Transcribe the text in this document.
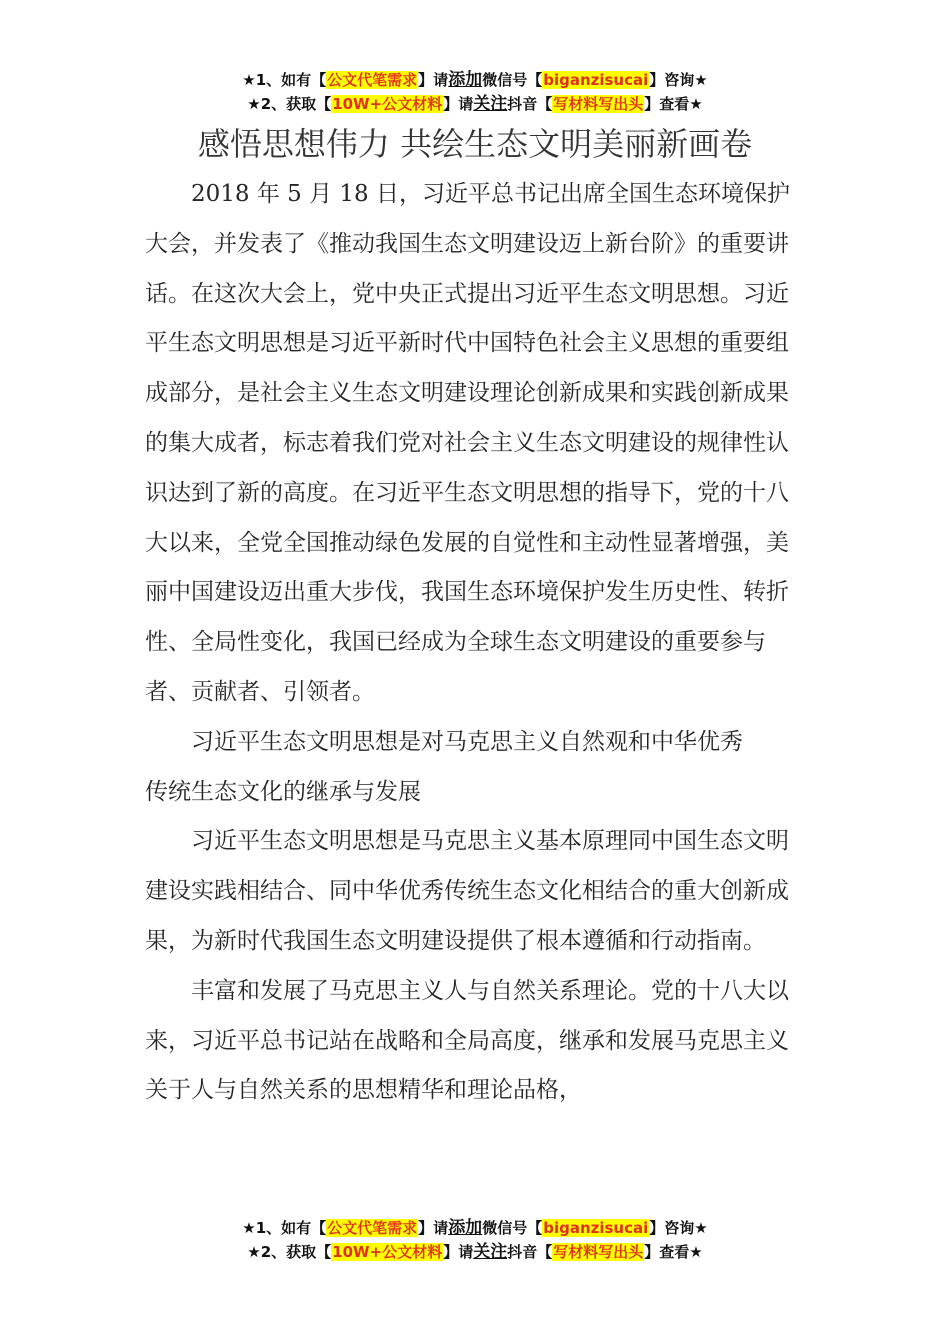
★1、如有【公文代笔需求】请添加微信号【biganzisucai】咨询★
★2、获取【10W+公文材料】请关注抖音【写材料写出头】查看★
感悟思想伟力 共绘生态文明美丽新画卷

2018 年 5 月 18 日，习近平总书记出席全国生态环境保护大会，并发表了《推动我国生态文明建设迈上新台阶》的重要讲话。在这次大会上，党中央正式提出习近平生态文明思想。习近平生态文明思想是习近平新时代中国特色社会主义思想的重要组成部分，是社会主义生态文明建设理论创新成果和实践创新成果的集大成者，标志着我们党对社会主义生态文明建设的规律性认识达到了新的高度。在习近平生态文明思想的指导下，党的十八大以来，全党全国推动绿色发展的自觉性和主动性显著增强，美丽中国建设迈出重大步伐，我国生态环境保护发生历史性、转折性、全局性变化，我国已经成为全球生态文明建设的重要参与者、贡献者、引领者。

习近平生态文明思想是对马克思主义自然观和中华优秀传统生态文化的继承与发展

习近平生态文明思想是马克思主义基本原理同中国生态文明建设实践相结合、同中华优秀传统生态文化相结合的重大创新成果，为新时代我国生态文明建设提供了根本遵循和行动指南。

丰富和发展了马克思主义人与自然关系理论。党的十八大以来，习近平总书记站在战略和全局高度，继承和发展马克思主义关于人与自然关系的思想精华和理论品格，

★1、如有【公文代笔需求】请添加微信号【biganzisucai】咨询★
★2、获取【10W+公文材料】请关注抖音【写材料写出头】查看★
